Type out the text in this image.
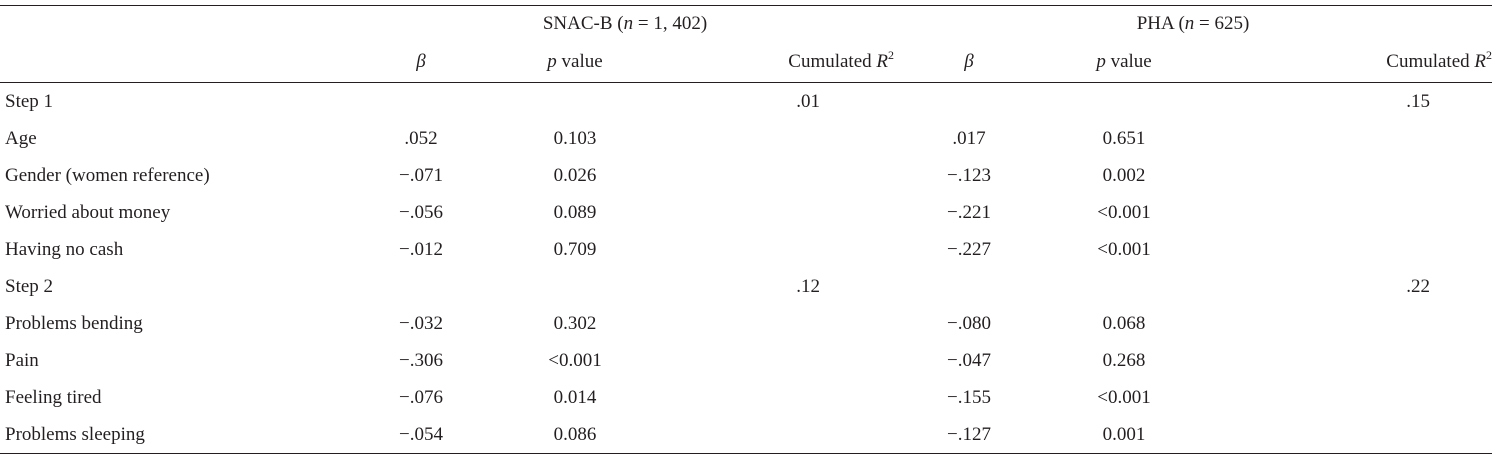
	SNAC-B (n = 1, 402)			PHA (n = 625)		
	β	p value	Cumulated $R^2$	β	p value	Cumulated $R^2$
Step 1			.01			.15
Age	.052	0.103		.017	0.651	
Gender (women reference)	−.071	0.026		−.123	0.002	
Worried about money	−.056	0.089		−.221	<0.001	
Having no cash	−.012	0.709		−.227	<0.001	
Step 2			.12			.22
Problems bending	−.032	0.302		−.080	0.068	
Pain	−.306	<0.001		−.047	0.268	
Feeling tired	−.076	0.014		−.155	<0.001	
Problems sleeping	−.054	0.086		−.127	0.001	
